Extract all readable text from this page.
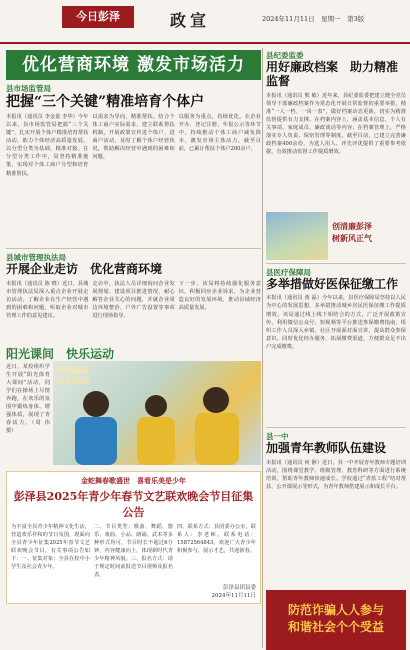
今日彭泽	政宣	2024年11月11日　星期一　第3版
优化营商环境 激发市场活力
县市场监管局
把握“三个关键”精准培育个体户
本报讯（通讯员 李金量 李华）今年以来，县市场监管局把握“三个关键”，扎实开展个体户精准培育帮扶活动，助力个体经济高质量发展。以分型分类为基础，精准对接。在分型分类工作中，局坚持精准施策，实现对个体工商户分型和培育精准帮扶。
以需求为导向，精准帮扶。结合个体工商户实际需求，建立联系帮扶机制，开展政策宣传进个体户、进商户活动，及时了解个体户经营状况，帮助解决经营中遇到的困难和问题。
以服务为重点，持续优化。在企业开办、登记注册、年报公示等环节中，持续推动个体工商户减负降本，激发市场主体活力，截至目前，已累计帮扶个体户200余户。
县城市管理执法局
开展企业走访　优化营商环境
本报讯（通讯员 陈 晓）近日，县城市管理执法局深入重点企业开展走访活动，了解企业在生产经营中遇到的困难和问题，听取企业对城市管理工作的意见建议。
走访中，执法人员详细询问企业发展规划、建设项目推进情况，耐心解答企业关心的问题，并就企业周边环境整治、户外广告设置等事项进行现场指导。
下一步，该局将持续强化服务意识，积极回应企业诉求，为企业营造良好的发展环境，推动县域经济高质量发展。
阳光课间　快乐运动
近日，某校组织学生开展“阳光体育大课间”活动，同学们在操场上尽情奔跑，在欢乐的氛围中锻炼身体、增强体质，展现了青春活力。（周 伟 摄）
阳光课间
快乐运动
金蛇舞春歌盛世　喜看乐美是少年
彭泽县2025年青少年春节文艺联欢晚会节目征集公告
为丰富全县青少年精神文化生活，营造欢乐祥和的节日氛围，现面向全县青少年征集2025年春节文艺联欢晚会节目，有关事项公告如下：一、征集对象：全县在校中小学生及社会青少年。
二、节目类型：歌曲、舞蹈、器乐、戏曲、小品、朗诵、武术等多种形式均可，节目时长不超过6分钟，内容健康向上，体现新时代青少年精神风貌。三、报名方式：请于规定时间前报送节目视频及报名表。
四、联系方式：县团委办公室，联系人：李老师。联系电话：15872564843。欢迎广大青少年积极参与，展示才艺，共迎新春。
彭泽县团县委
2024年11月11日
县纪委监委
用好廉政档案　助力精准监督
本报讯（通讯员 熊 敏）近年来，县纪委监委把建立健全党员领导干部廉政档案作为常态化开展日常监督的重要举措，精准“一人一档、一岗一表”，做好档案动态更新，切实为精准监督提供有力支撑。在档案内容上，涵盖基本信息、个人有关事项、家庭成员、廉政谈话等内容；在档案管理上，严格落实专人负责、保密管理等制度。截至目前，已建立完善廉政档案400余份，为选人用人、评先评优提供了重要参考依据，有效推动监督工作提质增效。
创清廉彭泽
树新风正气
县医疗保障局
多举措做好医保征缴工作
本报讯（通讯员 黄 磊）今年以来，县医疗保障局坚持以人民为中心的发展思想，多举措推动城乡居民医保征缴工作提质增效。该局通过线上线下相结合的方式，广泛开展政策宣传，利用微信公众号、短视频等平台推送参保缴费指南，组织工作人员深入乡镇、社区开展面对面宣讲，提高群众参保意识。同时优化经办服务，拓展缴费渠道，方便群众足不出户完成缴费。
县一中
加强青年教师队伍建设
本报讯（通讯员 何 静）近日，县一中开展青年教师专题培训活动，围绕课堂教学、班级管理、教育科研等方面进行系统培训，帮助青年教师快速成长。学校通过“青蓝工程”结对帮扶、公开课展示等形式，为青年教师搭建展示和成长平台。
防范诈骗人人参与
和谐社会个个受益
